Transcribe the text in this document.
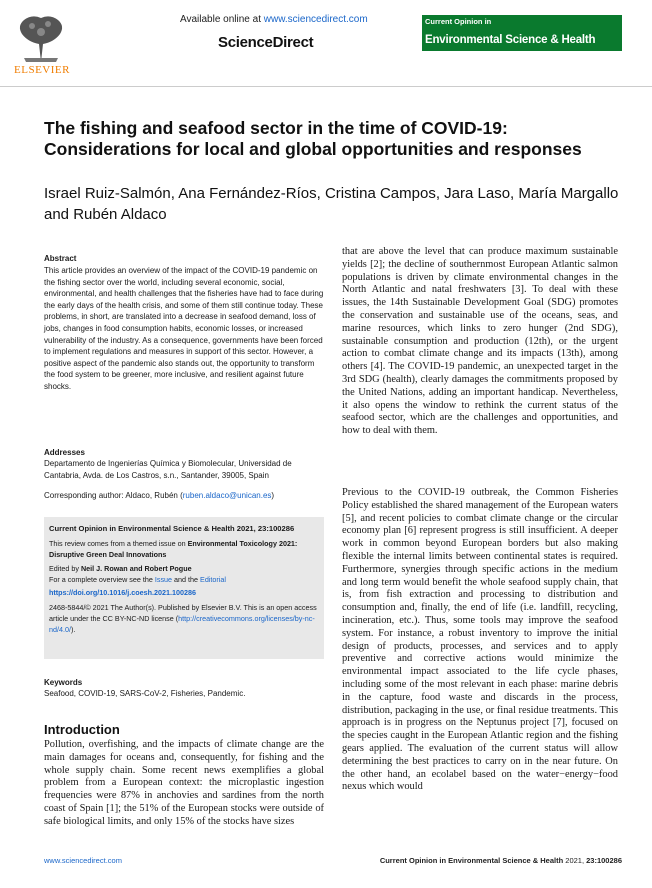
ELSEVIER
Available online at www.sciencedirect.com
ScienceDirect
Current Opinion in
Environmental Science & Health
The fishing and seafood sector in the time of COVID-19: Considerations for local and global opportunities and responses
Israel Ruiz-Salmón, Ana Fernández-Ríos, Cristina Campos, Jara Laso, María Margallo and Rubén Aldaco
Abstract
This article provides an overview of the impact of the COVID-19 pandemic on the fishing sector over the world, including several economic, social, environmental, and health challenges that the fisheries have had to face during the early days of the health crisis, and some of them still continue today. These problems, in short, are translated into a decrease in seafood demand, loss of jobs, changes in food consumption habits, economic losses, or increased vulnerability of the industry. As a consequence, governments have been forced to implement regulations and measures in support of this sector. However, a positive aspect of the pandemic also stands out, the opportunity to transform the food system to be greener, more inclusive, and resilient against future shocks.
Addresses
Departamento de Ingenierías Química y Biomolecular, Universidad de Cantabria, Avda. de Los Castros, s.n., Santander, 39005, Spain
Corresponding author: Aldaco, Rubén (ruben.aldaco@unican.es)
Current Opinion in Environmental Science & Health 2021, 23:100286
This review comes from a themed issue on Environmental Toxicology 2021: Disruptive Green Deal Innovations
Edited by Neil J. Rowan and Robert Pogue
For a complete overview see the Issue and the Editorial
https://doi.org/10.1016/j.coesh.2021.100286
2468-5844/© 2021 The Author(s). Published by Elsevier B.V. This is an open access article under the CC BY-NC-ND license (http://creativecommons.org/licenses/by-nc-nd/4.0/).
Keywords
Seafood, COVID-19, SARS-CoV-2, Fisheries, Pandemic.
Introduction
Pollution, overfishing, and the impacts of climate change are the main damages for oceans and, consequently, for fishing and the whole supply chain. Some recent news exemplifies a global problem from a European context: the microplastic ingestion frequencies were 87% in anchovies and sardines from the north coast of Spain [1]; the 51% of the European stocks were outside of safe biological limits, and only 15% of the stocks have sizes
that are above the level that can produce maximum sustainable yields [2]; the decline of southernmost European Atlantic salmon populations is driven by climate environmental changes in the North Atlantic and natal freshwaters [3]. To deal with these issues, the 14th Sustainable Development Goal (SDG) promotes the conservation and sustainable use of the oceans, seas, and marine resources, which links to zero hunger (2nd SDG), sustainable consumption and production (12th), or the urgent action to combat climate change and its impacts (13th), among others [4]. The COVID-19 pandemic, an unexpected target in the 3rd SDG (health), clearly damages the commitments proposed by the United Nations, adding an important handicap. Nevertheless, it also opens the window to rethink the current status of the seafood sector, which are the challenges and opportunities, and how to deal with them.
Previous to the COVID-19 outbreak, the Common Fisheries Policy established the shared management of the European waters [5], and recent policies to combat climate change or the circular economy plan [6] represent progress is still insufficient. A deeper work in common beyond European borders but also making flexible the internal limits between continental states is required. Furthermore, synergies through specific actions in the medium and long term would benefit the whole seafood supply chain, that is, from fish extraction and processing to distribution and consumption and, finally, the end of life (i.e. landfill, recycling, incineration, etc.). Thus, some tools may improve the seafood system. For instance, a robust inventory to improve the initial design of products, processes, and services and to apply preventive and corrective actions would minimize the environmental impact associated to the life cycle phases, including some of the most relevant in each phase: marine debris in the capture, food waste and discards in the process, distribution, packaging in the use, or final residue treatments. This approach is in progress on the Neptunus project [7], focused on the species caught in the European Atlantic region and the fishing gears applied. The evaluation of the current status will allow determining the best practices to carry on in the near future. On the other hand, an ecolabel based on the water−energy−food nexus which would
www.sciencedirect.com	Current Opinion in Environmental Science & Health 2021, 23:100286
